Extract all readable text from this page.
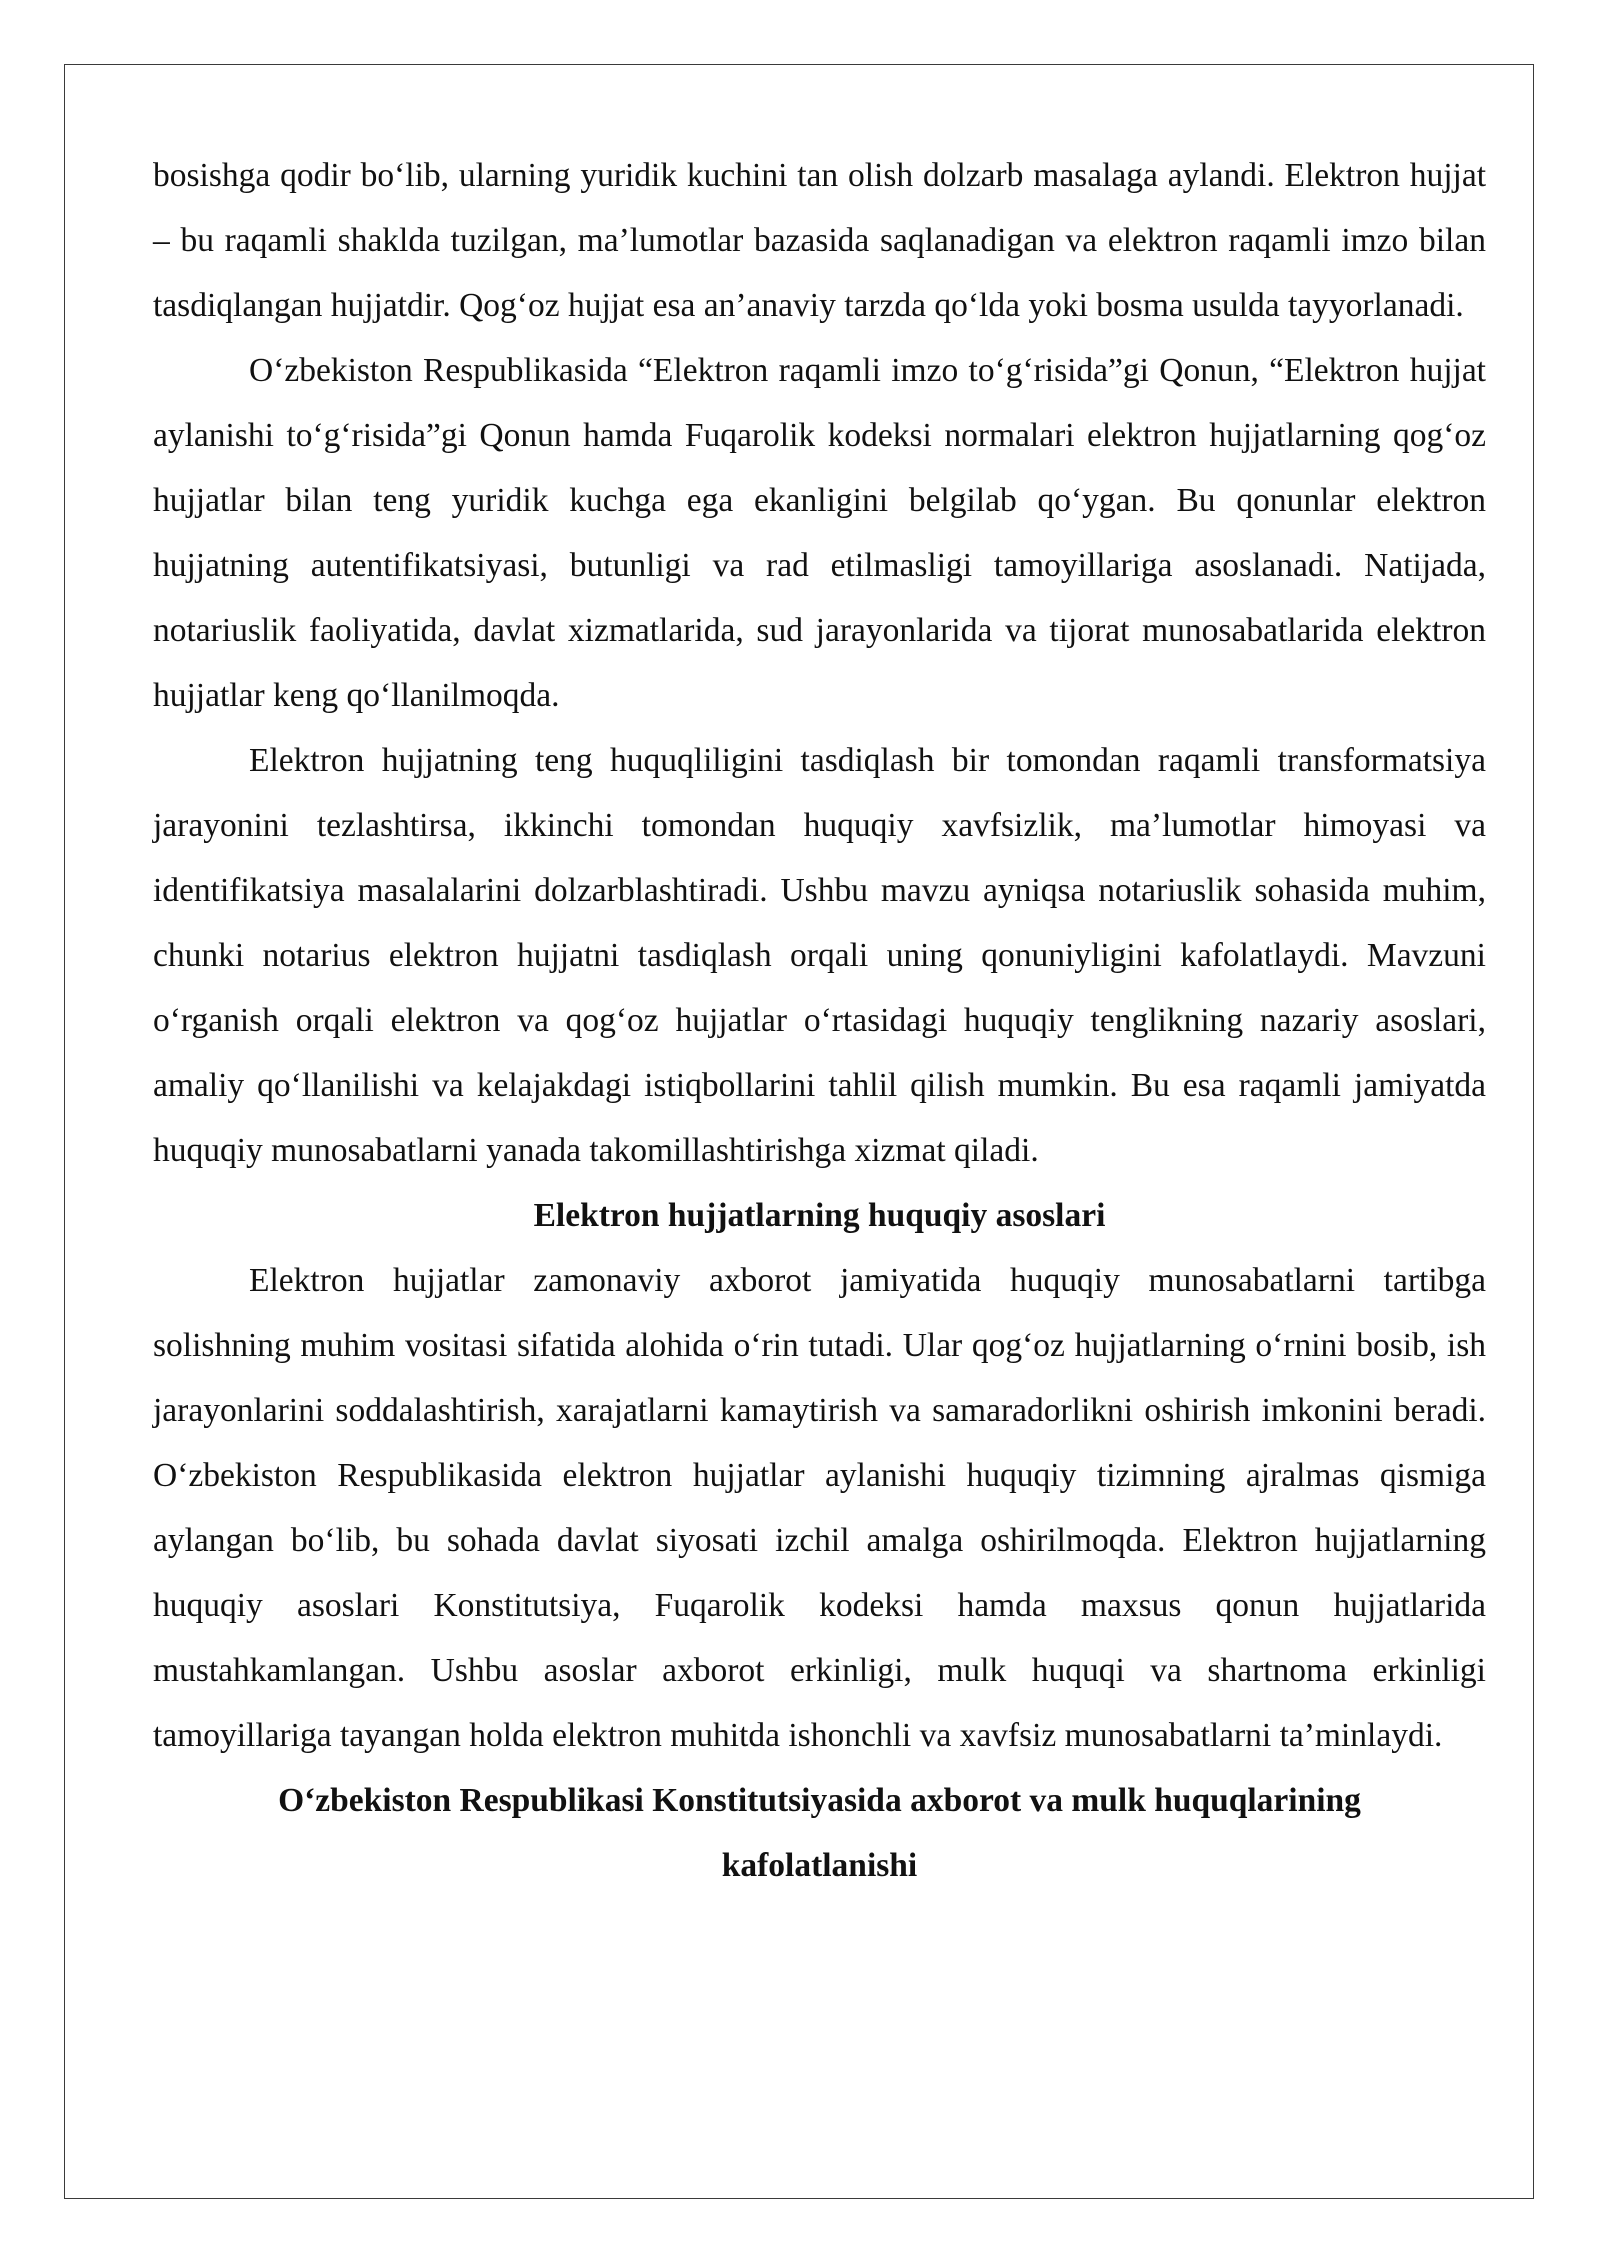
bosishga qodir bo‘lib, ularning yuridik kuchini tan olish dolzarb masalaga aylandi. Elektron hujjat – bu raqamli shaklda tuzilgan, ma’lumotlar bazasida saqlanadigan va elektron raqamli imzo bilan tasdiqlangan hujjatdir. Qog‘oz hujjat esa an’anaviy tarzda qo‘lda yoki bosma usulda tayyorlanadi.

O‘zbekiston Respublikasida “Elektron raqamli imzo to‘g‘risida”gi Qonun, “Elektron hujjat aylanishi to‘g‘risida”gi Qonun hamda Fuqarolik kodeksi normalari elektron hujjatlarning qog‘oz hujjatlar bilan teng yuridik kuchga ega ekanligini belgilab qo‘ygan. Bu qonunlar elektron hujjatning autentifikatsiyasi, butunligi va rad etilmasligi tamoyillariga asoslanadi. Natijada, notariuslik faoliyatida, davlat xizmatlarida, sud jarayonlarida va tijorat munosabatlarida elektron hujjatlar keng qo‘llanilmoqda.

Elektron hujjatning teng huquqliligini tasdiqlash bir tomondan raqamli transformatsiya jarayonini tezlashtirsa, ikkinchi tomondan huquqiy xavfsizlik, ma’lumotlar himoyasi va identifikatsiya masalalarini dolzarblashtiradi. Ushbu mavzu ayniqsa notariuslik sohasida muhim, chunki notarius elektron hujjatni tasdiqlash orqali uning qonuniyligini kafolatlaydi. Mavzuni o‘rganish orqali elektron va qog‘oz hujjatlar o‘rtasidagi huquqiy tenglikning nazariy asoslari, amaliy qo‘llanilishi va kelajakdagi istiqbollarini tahlil qilish mumkin. Bu esa raqamli jamiyatda huquqiy munosabatlarni yanada takomillashtirishga xizmat qiladi.

Elektron hujjatlarning huquqiy asoslari

Elektron hujjatlar zamonaviy axborot jamiyatida huquqiy munosabatlarni tartibga solishning muhim vositasi sifatida alohida o‘rin tutadi. Ular qog‘oz hujjatlarning o‘rnini bosib, ish jarayonlarini soddalashtirish, xarajatlarni kamaytirish va samaradorlikni oshirish imkonini beradi. O‘zbekiston Respublikasida elektron hujjatlar aylanishi huquqiy tizimning ajralmas qismiga aylangan bo‘lib, bu sohada davlat siyosati izchil amalga oshirilmoqda. Elektron hujjatlarning huquqiy asoslari Konstitutsiya, Fuqarolik kodeksi hamda maxsus qonun hujjatlarida mustahkamlangan. Ushbu asoslar axborot erkinligi, mulk huquqi va shartnoma erkinligi tamoyillariga tayangan holda elektron muhitda ishonchli va xavfsiz munosabatlarni ta’minlaydi.

O‘zbekiston Respublikasi Konstitutsiyasida axborot va mulk huquqlarining kafolatlanishi
